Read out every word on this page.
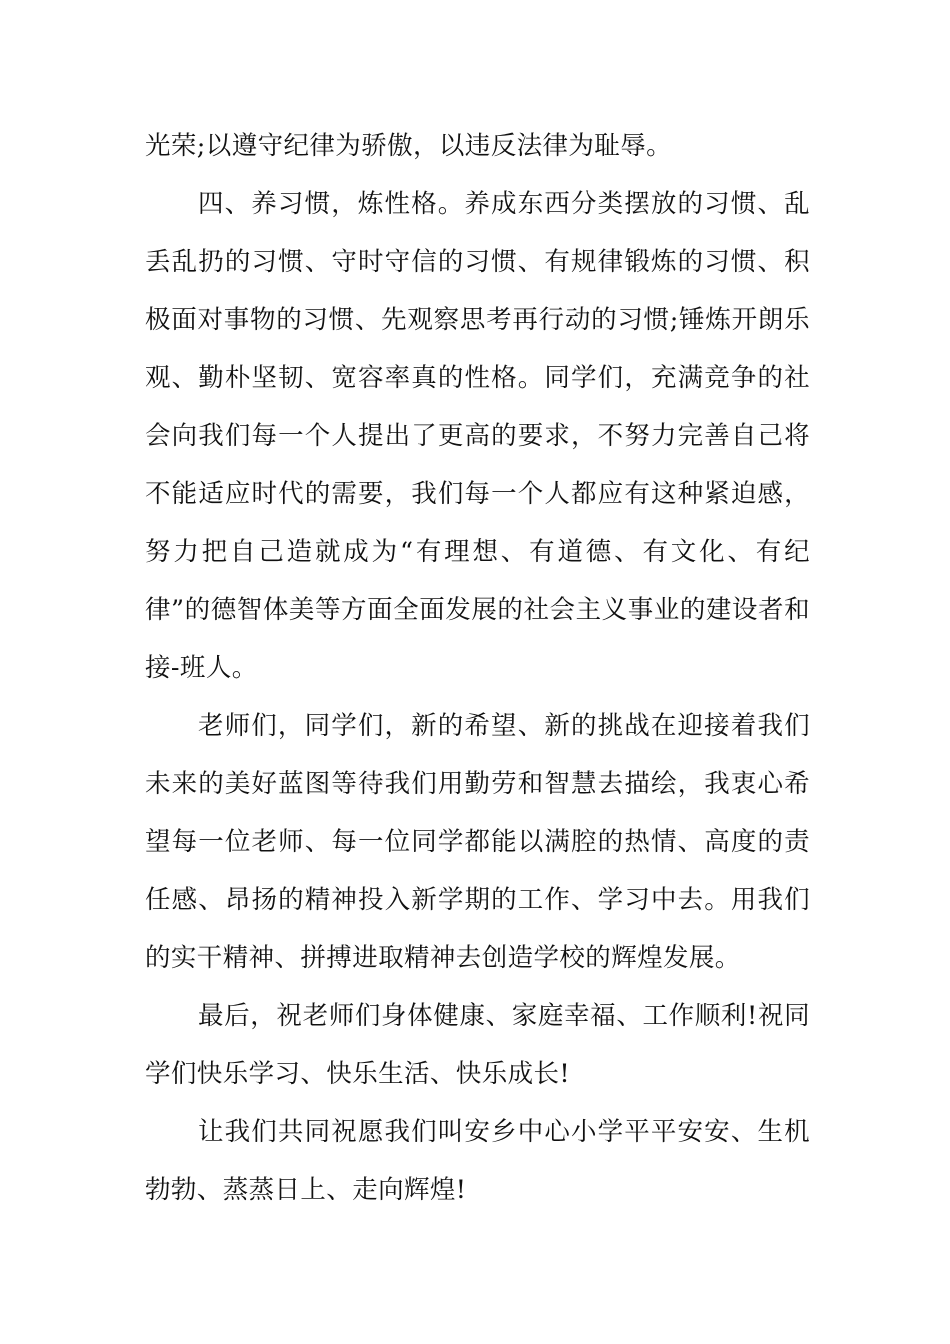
光荣;以遵守纪律为骄傲，以违反法律为耻辱。

四、养习惯，炼性格。养成东西分类摆放的习惯、乱丢乱扔的习惯、守时守信的习惯、有规律锻炼的习惯、积极面对事物的习惯、先观察思考再行动的习惯;锤炼开朗乐观、勤朴坚韧、宽容率真的性格。同学们，充满竞争的社会向我们每一个人提出了更高的要求，不努力完善自己将不能适应时代的需要，我们每一个人都应有这种紧迫感，努力把自己造就成为“有理想、有道德、有文化、有纪律”的德智体美等方面全面发展的社会主义事业的建设者和接-班人。

老师们，同学们，新的希望、新的挑战在迎接着我们未来的美好蓝图等待我们用勤劳和智慧去描绘，我衷心希望每一位老师、每一位同学都能以满腔的热情、高度的责任感、昂扬的精神投入新学期的工作、学习中去。用我们的实干精神、拼搏进取精神去创造学校的辉煌发展。

最后，祝老师们身体健康、家庭幸福、工作顺利!祝同学们快乐学习、快乐生活、快乐成长!

让我们共同祝愿我们叫安乡中心小学平平安安、生机勃勃、蒸蒸日上、走向辉煌!
